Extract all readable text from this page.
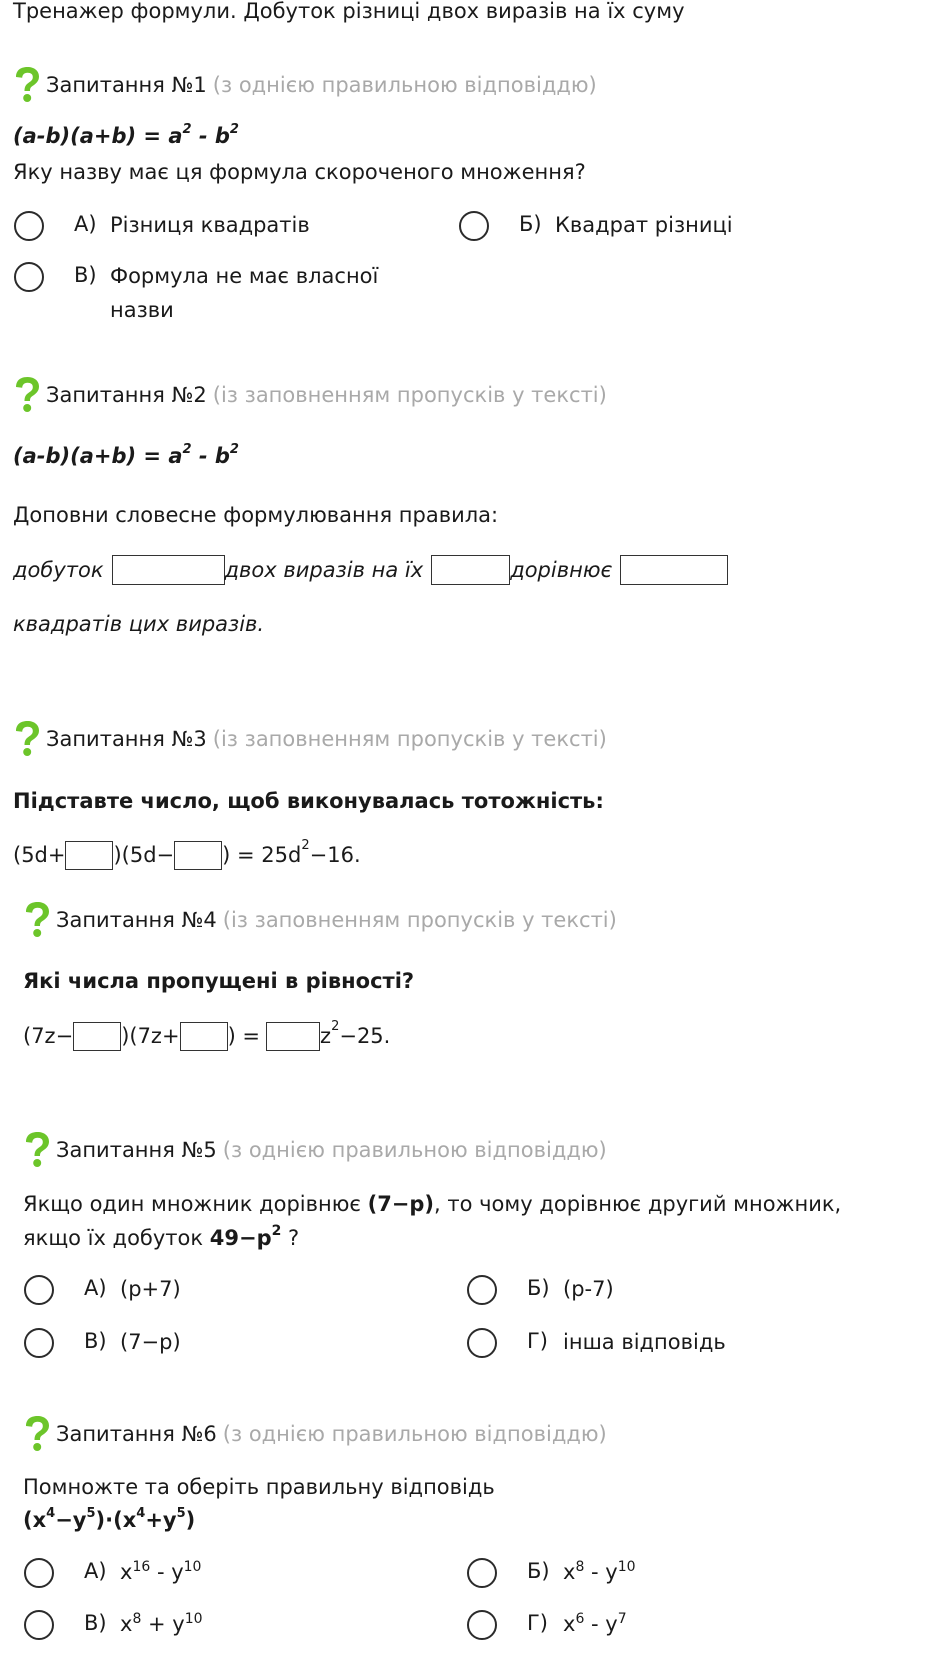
Тренажер формули. Добуток різниці двох виразів на їх суму
Запитання №1 (з однією правильною відповіддю)
$(a-b)(a+b) = a^2 - b^2$
Яку назву має ця формула скороченого множення?
А) Різниця квадратів	Б) Квадрат різниці
В) Формула не має власної
назви
Запитання №2 (із заповненням пропусків у тексті)
$(a-b)(a+b) = a^2 - b^2$
Доповни словесне формулювання правила:
добуток	двох виразів на їх	дорівнює
квадратів цих виразів.
Запитання №3 (із заповненням пропусків у тексті)
Підставте число, щоб виконувалась тотожність:
(5d+ )(5d− ) = $25d^2 -16$.
Запитання №4 (із заповненням пропусків у тексті)
Які числа пропущені в рівності?
(7z− )(7z+ ) =	$z^2 -25$.
Запитання №5 (з однією правильною відповіддю)
Якщо один множник дорівнює (7−p), то чому дорівнює другий множник,
якщо їх добуток $49-p^2$ ?
А) (p+7)	Б) (p-7)
В) (7−p)	Г) інша відповідь
Запитання №6 (з однією правильною відповіддю)
Помножте та оберіть правильну відповідь
$(x^4-y^5)\cdot(x^4+y^5)$
А) $x^{16} - y^{10}$	Б) $x^8 - y^{10}$
В) $x^8 + y^{10}$	Г) $x^6 - y^7$
